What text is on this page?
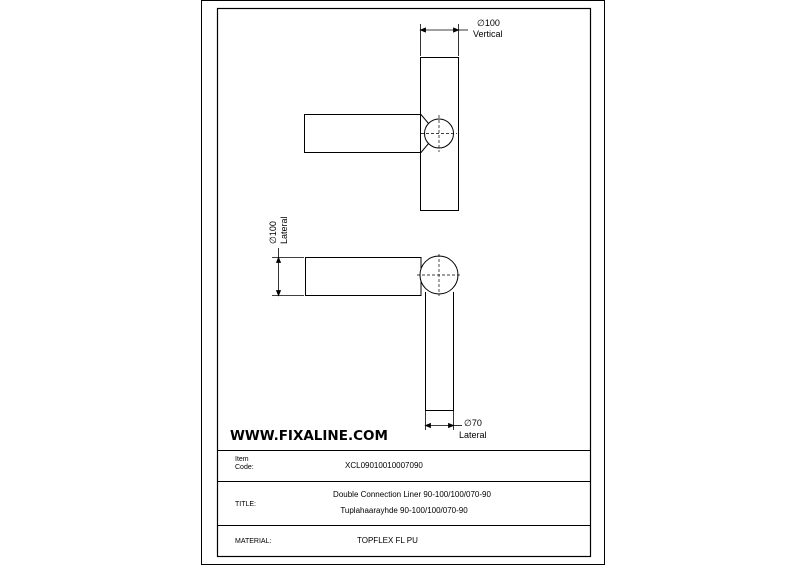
∅100
Vertical
∅100 Lateral
∅70
Lateral
WWW.FIXALINE.COM
Item
Code:	XCL09010010007090
TITLE:
Double Connection Liner 90-100/100/070-90
Tuplahaarayhde 90-100/100/070-90
MATERIAL:	TOPFLEX FL PU
